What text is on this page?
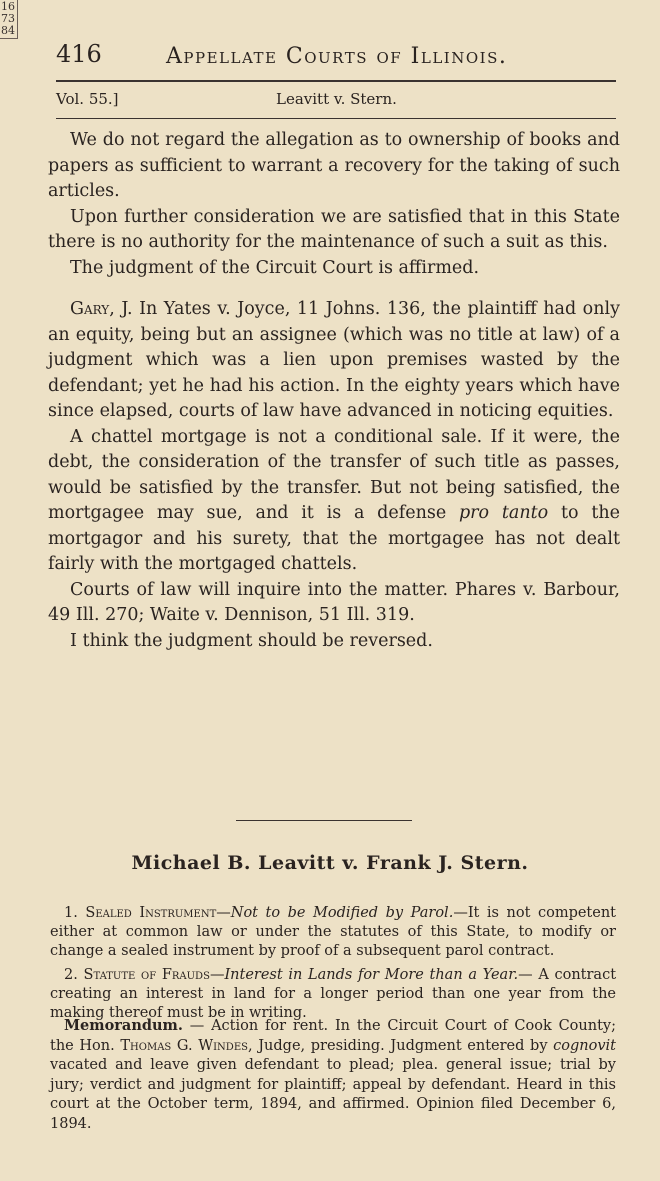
16
73
84
416	Appellate Courts of Illinois.
Vol. 55.]	Leavitt v. Stern.

We do not regard the allegation as to ownership of books and papers as sufficient to warrant a recovery for the taking of such articles.

Upon further consideration we are satisfied that in this State there is no authority for the maintenance of such a suit as this.

The judgment of the Circuit Court is affirmed.

Gary, J. In Yates v. Joyce, 11 Johns. 136, the plaintiff had only an equity, being but an assignee (which was no title at law) of a judgment which was a lien upon premises wasted by the defendant; yet he had his action. In the eighty years which have since elapsed, courts of law have advanced in noticing equities.

A chattel mortgage is not a conditional sale. If it were, the debt, the consideration of the transfer of such title as passes, would be satisfied by the transfer. But not being satisfied, the mortgagee may sue, and it is a defense pro tanto to the mortgagor and his surety, that the mortgagee has not dealt fairly with the mortgaged chattels.

Courts of law will inquire into the matter. Phares v. Barbour, 49 Ill. 270; Waite v. Dennison, 51 Ill. 319.

I think the judgment should be reversed.

Michael B. Leavitt v. Frank J. Stern.

1. Sealed Instrument—Not to be Modified by Parol.—It is not competent either at common law or under the statutes of this State, to modify or change a sealed instrument by proof of a subsequent parol contract.

2. Statute of Frauds—Interest in Lands for More than a Year.— A contract creating an interest in land for a longer period than one year from the making thereof must be in writing.

Memorandum. — Action for rent. In the Circuit Court of Cook County; the Hon. Thomas G. Windes, Judge, presiding. Judgment entered by cognovit vacated and leave given defendant to plead; plea. general issue; trial by jury; verdict and judgment for plaintiff; appeal by defendant. Heard in this court at the October term, 1894, and affirmed. Opinion filed December 6, 1894.
